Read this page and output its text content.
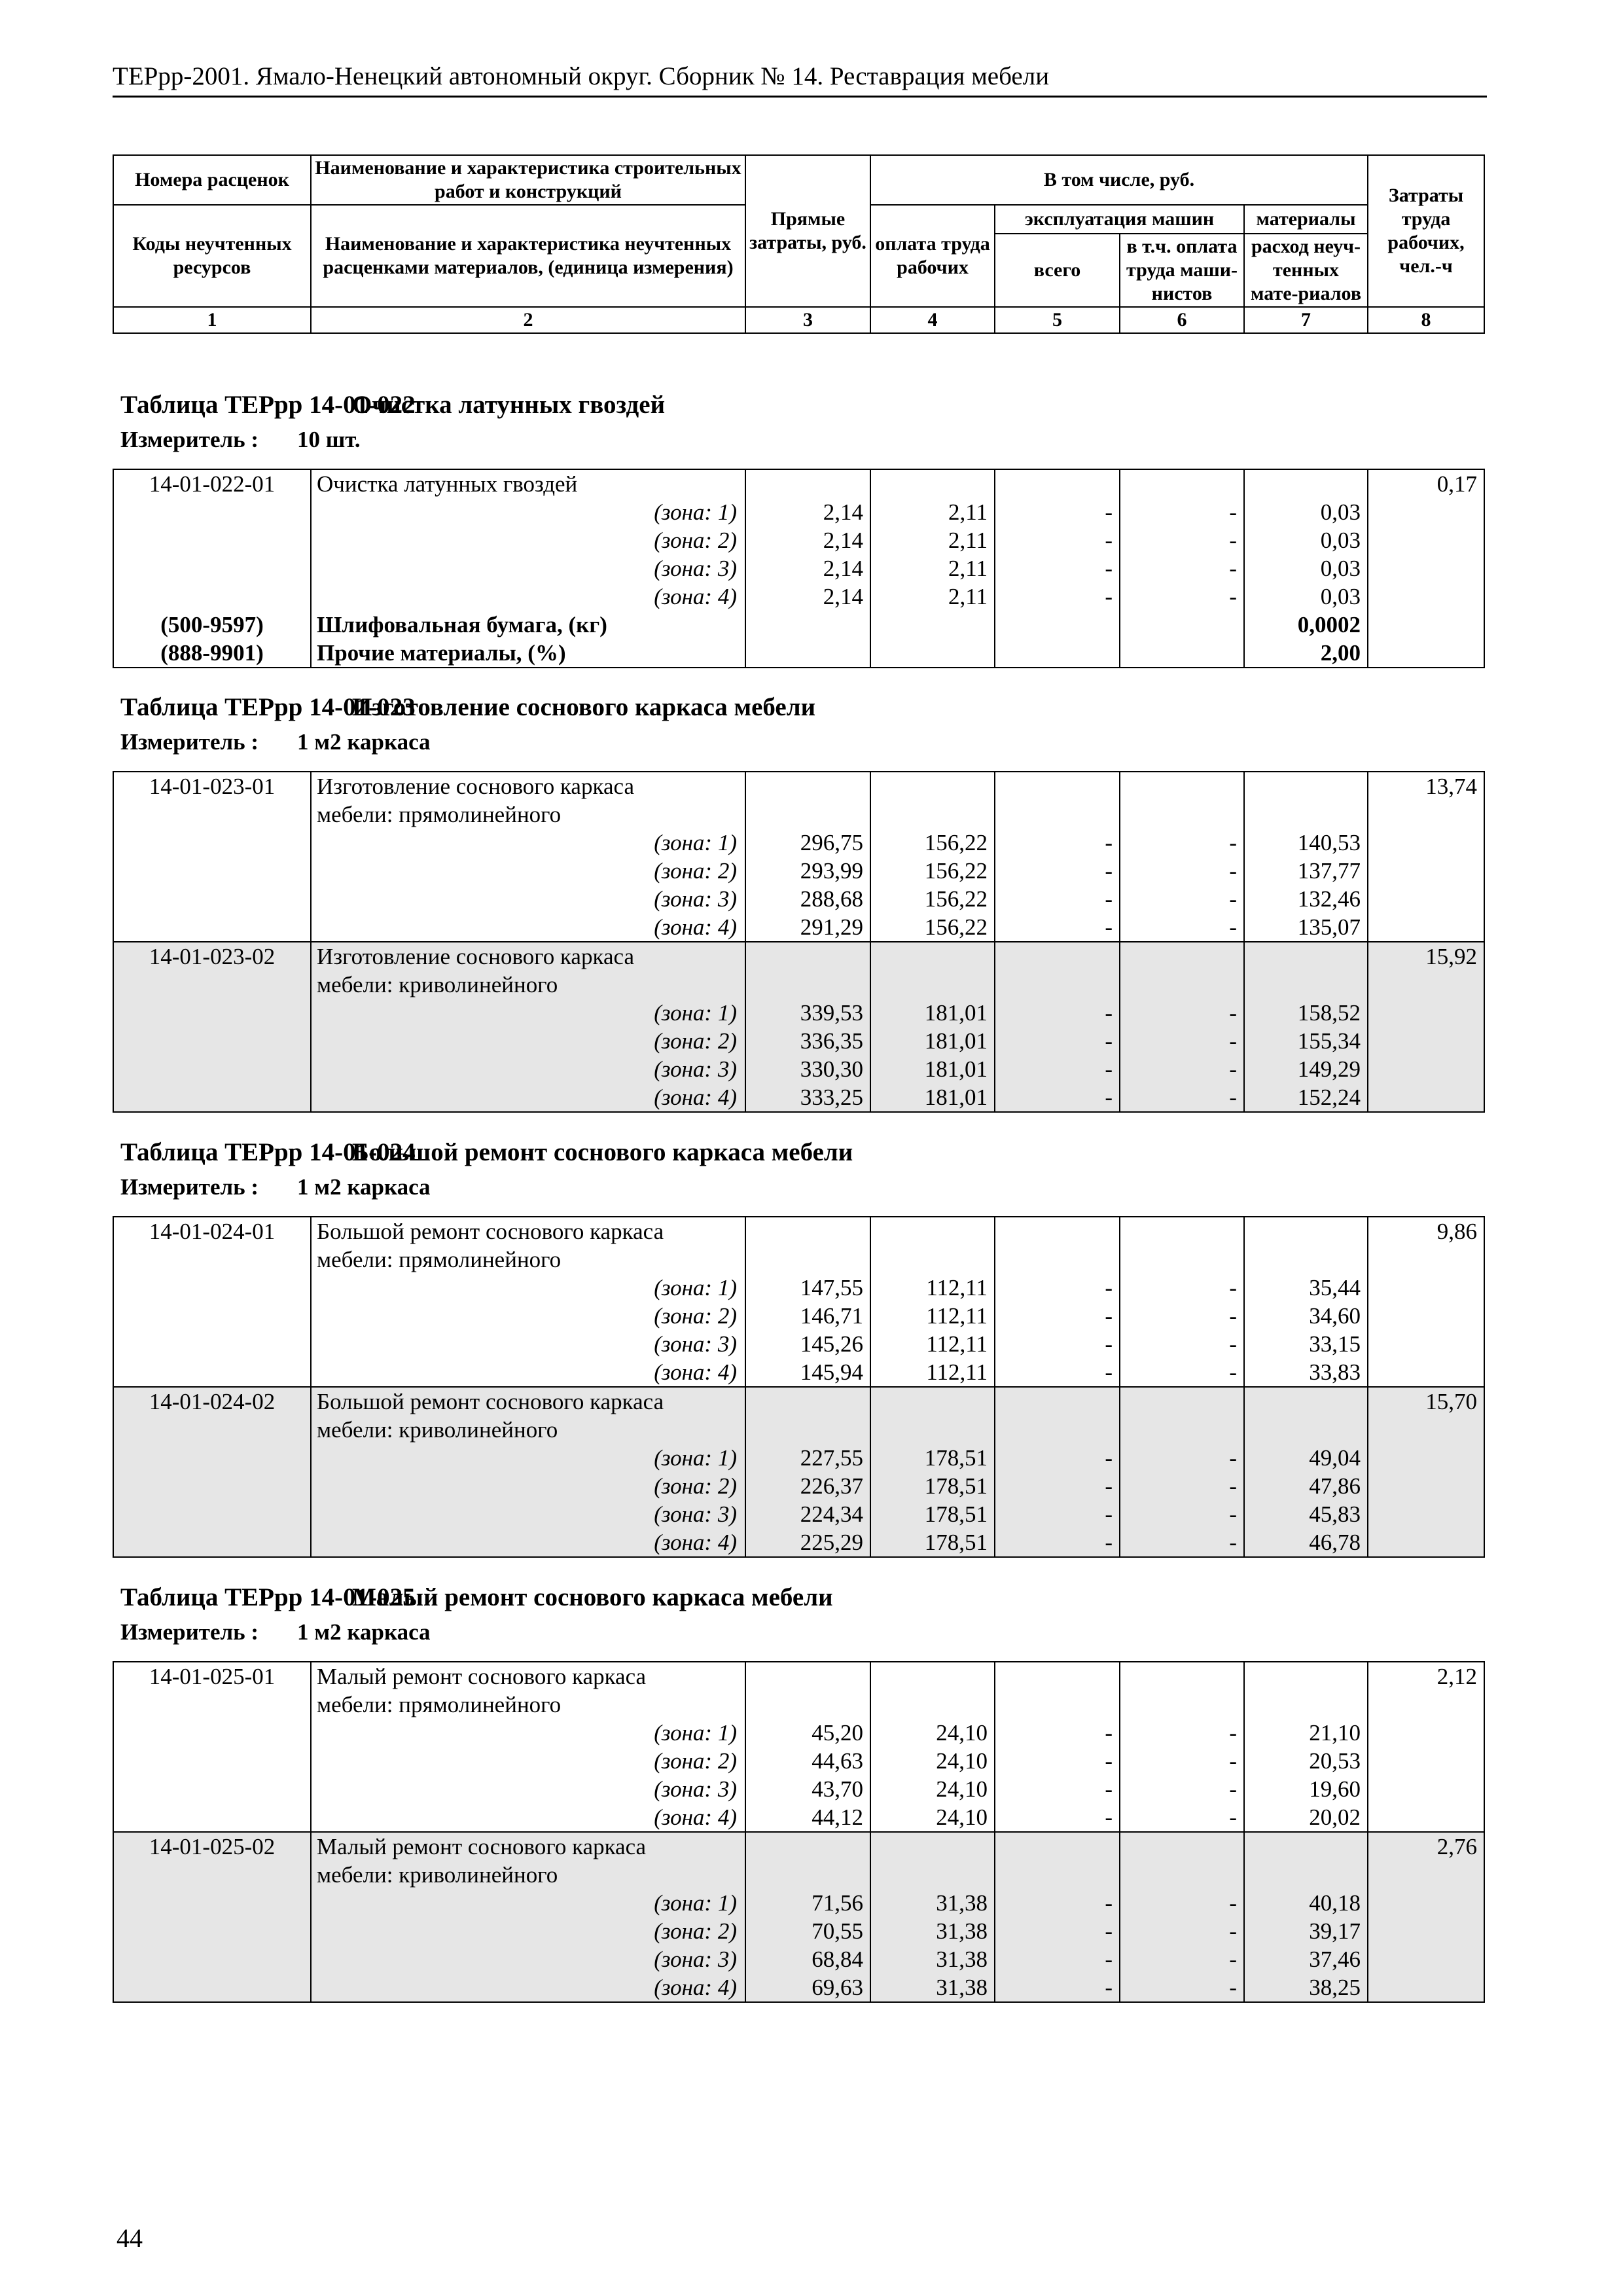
ТЕРрр-2001. Ямало-Ненецкий автономный округ. Сборник № 14. Реставрация мебели
Номера расценок	Наименование и характеристика строительных работ и конструкций	Прямые затраты, руб.	В том числе, руб.				Затраты труда рабочих, чел.-ч
Коды неучтенных ресурсов	Наименование и характеристика неучтенных расценками материалов, (единица измерения)		оплата труда рабочих	эксплуатация машин		материалы	
				всего	в т.ч. оплата труда маши-нистов	расход неуч-тенных мате-риалов	
1	2	3	4	5	6	7	8
Таблица ТЕРрр 14-01-022Очистка латунных гвоздей
Измеритель : 10 шт.
14-01-022-01	Очистка латунных гвоздей						0,17
	(зона: 1)	2,14	2,11	-	-	0,03	
	(зона: 2)	2,14	2,11	-	-	0,03	
	(зона: 3)	2,14	2,11	-	-	0,03	
	(зона: 4)	2,14	2,11	-	-	0,03	
(500-9597)	Шлифовальная бумага, (кг)					0,0002	
(888-9901)	Прочие материалы, (%)					2,00	
Таблица ТЕРрр 14-01-023Изготовление соснового каркаса мебели
Измеритель : 1 м2 каркаса
14-01-023-01	Изготовление соснового каркаса						13,74
	мебели: прямолинейного						
	(зона: 1)	296,75	156,22	-	-	140,53	
	(зона: 2)	293,99	156,22	-	-	137,77	
	(зона: 3)	288,68	156,22	-	-	132,46	
	(зона: 4)	291,29	156,22	-	-	135,07	
14-01-023-02	Изготовление соснового каркаса						15,92
	мебели: криволинейного						
	(зона: 1)	339,53	181,01	-	-	158,52	
	(зона: 2)	336,35	181,01	-	-	155,34	
	(зона: 3)	330,30	181,01	-	-	149,29	
	(зона: 4)	333,25	181,01	-	-	152,24	
Таблица ТЕРрр 14-01-024Большой ремонт соснового каркаса мебели
Измеритель : 1 м2 каркаса
14-01-024-01	Большой ремонт соснового каркаса						9,86
	мебели: прямолинейного						
	(зона: 1)	147,55	112,11	-	-	35,44	
	(зона: 2)	146,71	112,11	-	-	34,60	
	(зона: 3)	145,26	112,11	-	-	33,15	
	(зона: 4)	145,94	112,11	-	-	33,83	
14-01-024-02	Большой ремонт соснового каркаса						15,70
	мебели: криволинейного						
	(зона: 1)	227,55	178,51	-	-	49,04	
	(зона: 2)	226,37	178,51	-	-	47,86	
	(зона: 3)	224,34	178,51	-	-	45,83	
	(зона: 4)	225,29	178,51	-	-	46,78	
Таблица ТЕРрр 14-01-025Малый ремонт соснового каркаса мебели
Измеритель : 1 м2 каркаса
14-01-025-01	Малый ремонт соснового каркаса						2,12
	мебели: прямолинейного						
	(зона: 1)	45,20	24,10	-	-	21,10	
	(зона: 2)	44,63	24,10	-	-	20,53	
	(зона: 3)	43,70	24,10	-	-	19,60	
	(зона: 4)	44,12	24,10	-	-	20,02	
14-01-025-02	Малый ремонт соснового каркаса						2,76
	мебели: криволинейного						
	(зона: 1)	71,56	31,38	-	-	40,18	
	(зона: 2)	70,55	31,38	-	-	39,17	
	(зона: 3)	68,84	31,38	-	-	37,46	
	(зона: 4)	69,63	31,38	-	-	38,25	
44
